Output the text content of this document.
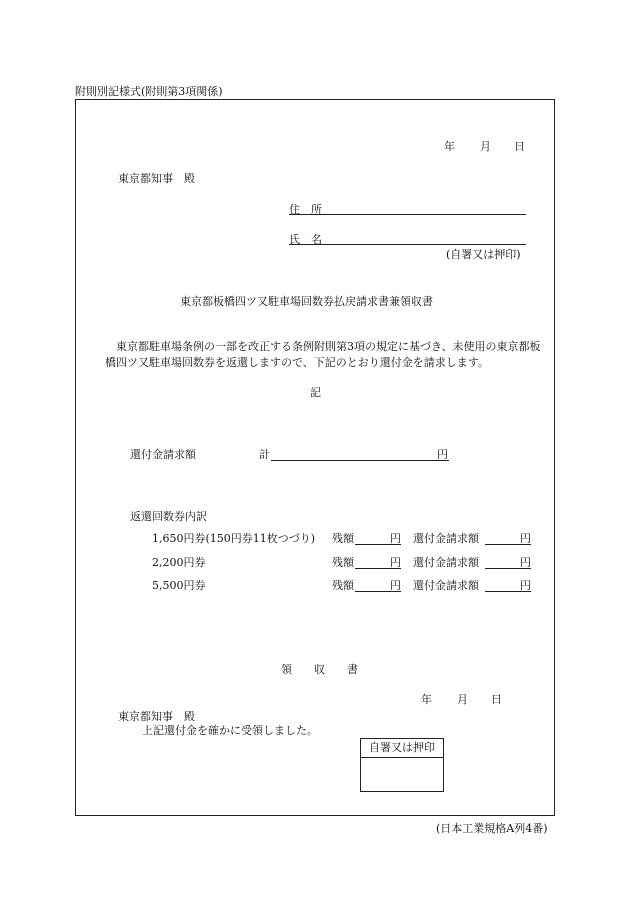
附則別記様式(附則第3項関係)
年 月 日
東京都知事　殿
住　所
氏　名
(自署又は押印)
東京都板橋四ツ又駐車場回数券払戻請求書兼領収書
東京都駐車場条例の一部を改正する条例附則第3項の規定に基づき、未使用の東京都板橋四ツ又駐車場回数券を返還しますので、下記のとおり還付金を請求します。
記
還付金請求額	計	円
返還回数券内訳
1,650円券(150円券11枚つづり) 残額	円 還付金請求額	円
2,200円券	残額	円 還付金請求額	円
5,500円券	残額	円 還付金請求額	円
領　　収　　書
年 月 日
東京都知事　殿
上記還付金を確かに受領しました。
自署又は押印
(日本工業規格A列4番)
